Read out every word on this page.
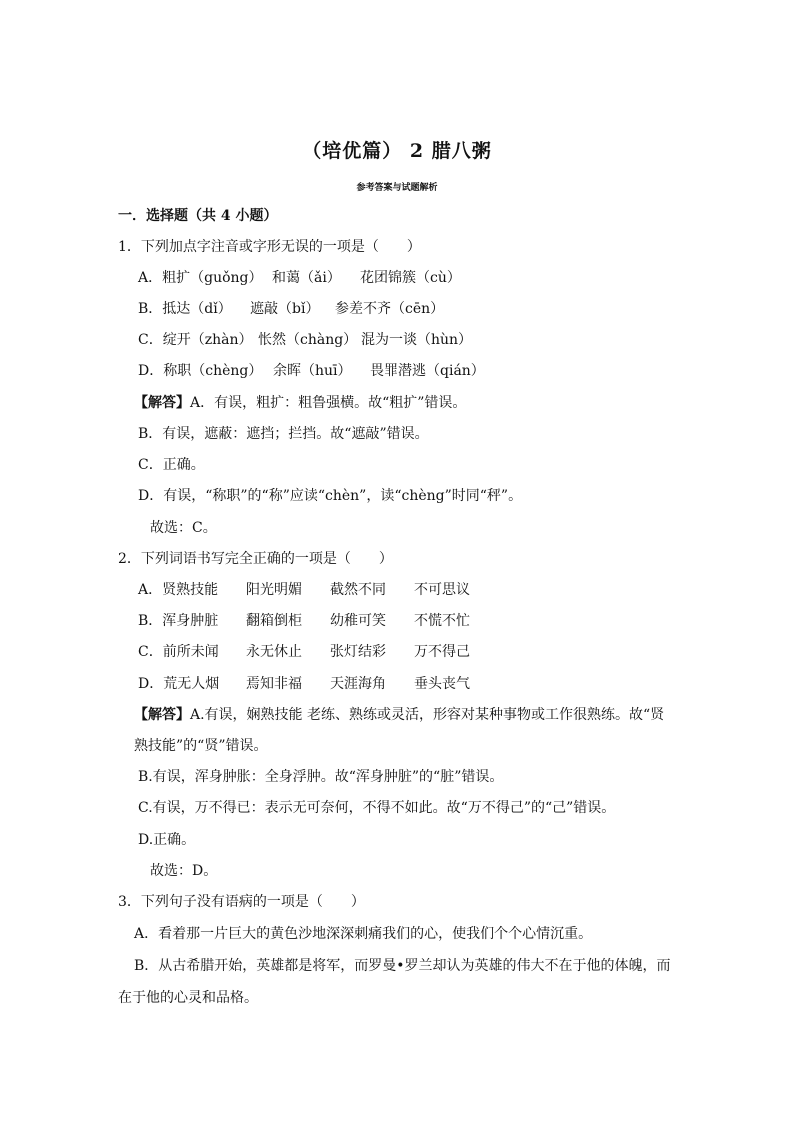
（培优篇） 2 腊八粥
参考答案与试题解析
一．选择题（共 4 小题）
1．下列加点字注音或字形无误的一项是（　　）
A．粗扩（guǒng） 和蔼（ǎi） 花团锦簇（cù）
B．抵达（dǐ） 遮敲（bǐ） 参差不齐（cēn）
C．绽开（zhàn） 怅然（chàng） 混为一谈（hùn）
D．称职（chèng） 余晖（huī） 畏罪潜逃（qián）
【解答】A．有误，粗扩：粗鲁强横。故“粗扩”错误。
B．有误，遮蔽：遮挡；拦挡。故“遮敲”错误。
C．正确。
D．有误，“称职”的“称”应读“chèn”，读“chèng”时同“秤”。
故选：C。
2．下列词语书写完全正确的一项是（　　）
A．贤熟技能 阳光明媚 截然不同 不可思议
B．浑身肿脏 翻箱倒柜 幼稚可笑 不慌不忙
C．前所未闻 永无休止 张灯结彩 万不得己
D．荒无人烟 焉知非福 天涯海角 垂头丧气
【解答】A.有误，娴熟技能 老练、熟练或灵活，形容对某种事物或工作很熟练。故“贤
熟技能”的“贤”错误。
B.有误，浑身肿胀：全身浮肿。故“浑身肿脏”的“脏”错误。
C.有误，万不得已：表示无可奈何，不得不如此。故“万不得己”的“己”错误。
D.正确。
故选：D。
3．下列句子没有语病的一项是（　　）
A．看着那一片巨大的黄色沙地深深刺痛我们的心，使我们个个心情沉重。
B．从古希腊开始，英雄都是将军，而罗曼•罗兰却认为英雄的伟大不在于他的体魄，而
在于他的心灵和品格。
